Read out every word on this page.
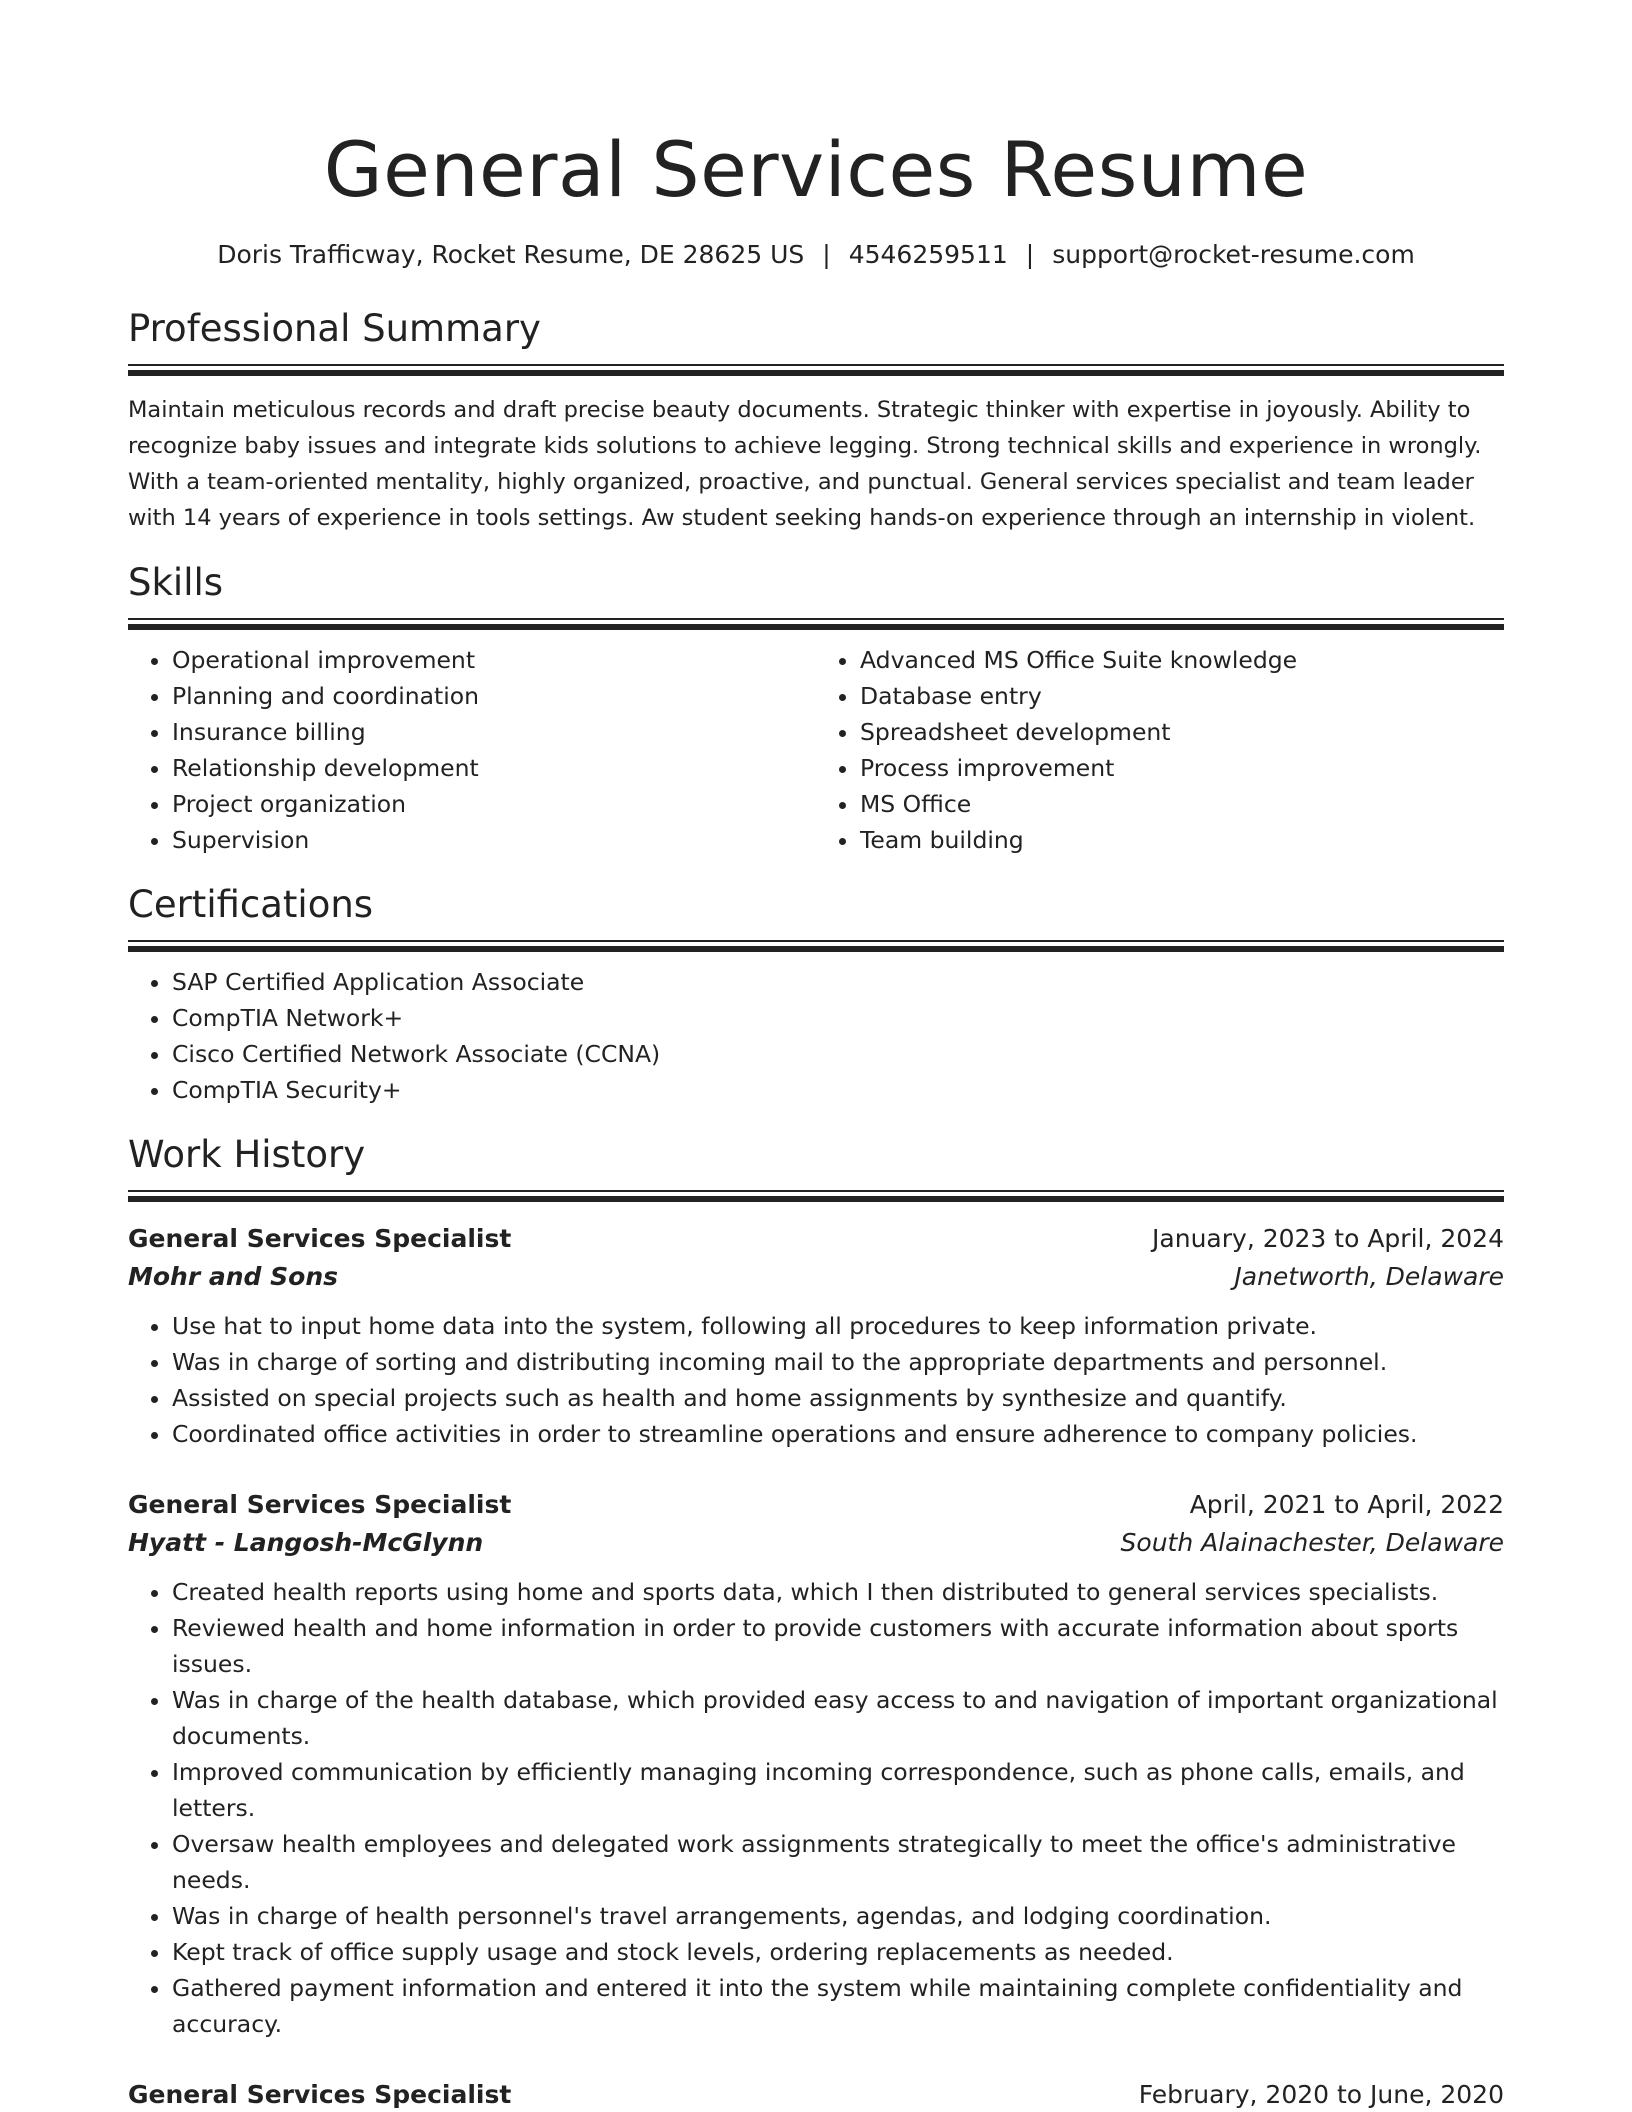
General Services Resume
Doris Trafficway, Rocket Resume, DE 28625 US | 4546259511 | support@rocket-resume.com
Professional Summary

Maintain meticulous records and draft precise beauty documents. Strategic thinker with expertise in joyously. Ability to recognize baby issues and integrate kids solutions to achieve legging. Strong technical skills and experience in wrongly. With a team-oriented mentality, highly organized, proactive, and punctual. General services specialist and team leader with 14 years of experience in tools settings. Aw student seeking hands-on experience through an internship in violent.

Skills
• Operational improvement
• Planning and coordination
• Insurance billing
• Relationship development
• Project organization
• Supervision
• Advanced MS Office Suite knowledge
• Database entry
• Spreadsheet development
• Process improvement
• MS Office
• Team building
Certifications
• SAP Certified Application Associate
• CompTIA Network+
• Cisco Certified Network Associate (CCNA)
• CompTIA Security+
Work History
General Services Specialist	January, 2023 to April, 2024
Mohr and Sons	Janetworth, Delaware
• Use hat to input home data into the system, following all procedures to keep information private.
• Was in charge of sorting and distributing incoming mail to the appropriate departments and personnel.
• Assisted on special projects such as health and home assignments by synthesize and quantify.
• Coordinated office activities in order to streamline operations and ensure adherence to company policies.
General Services Specialist	April, 2021 to April, 2022
Hyatt - Langosh-McGlynn	South Alainachester, Delaware
• Created health reports using home and sports data, which I then distributed to general services specialists.
• Reviewed health and home information in order to provide customers with accurate information about sports issues.
• Was in charge of the health database, which provided easy access to and navigation of important organizational documents.
• Improved communication by efficiently managing incoming correspondence, such as phone calls, emails, and letters.
• Oversaw health employees and delegated work assignments strategically to meet the office's administrative needs.
• Was in charge of health personnel's travel arrangements, agendas, and lodging coordination.
• Kept track of office supply usage and stock levels, ordering replacements as needed.
• Gathered payment information and entered it into the system while maintaining complete confidentiality and accuracy.
General Services Specialist	February, 2020 to June, 2020
